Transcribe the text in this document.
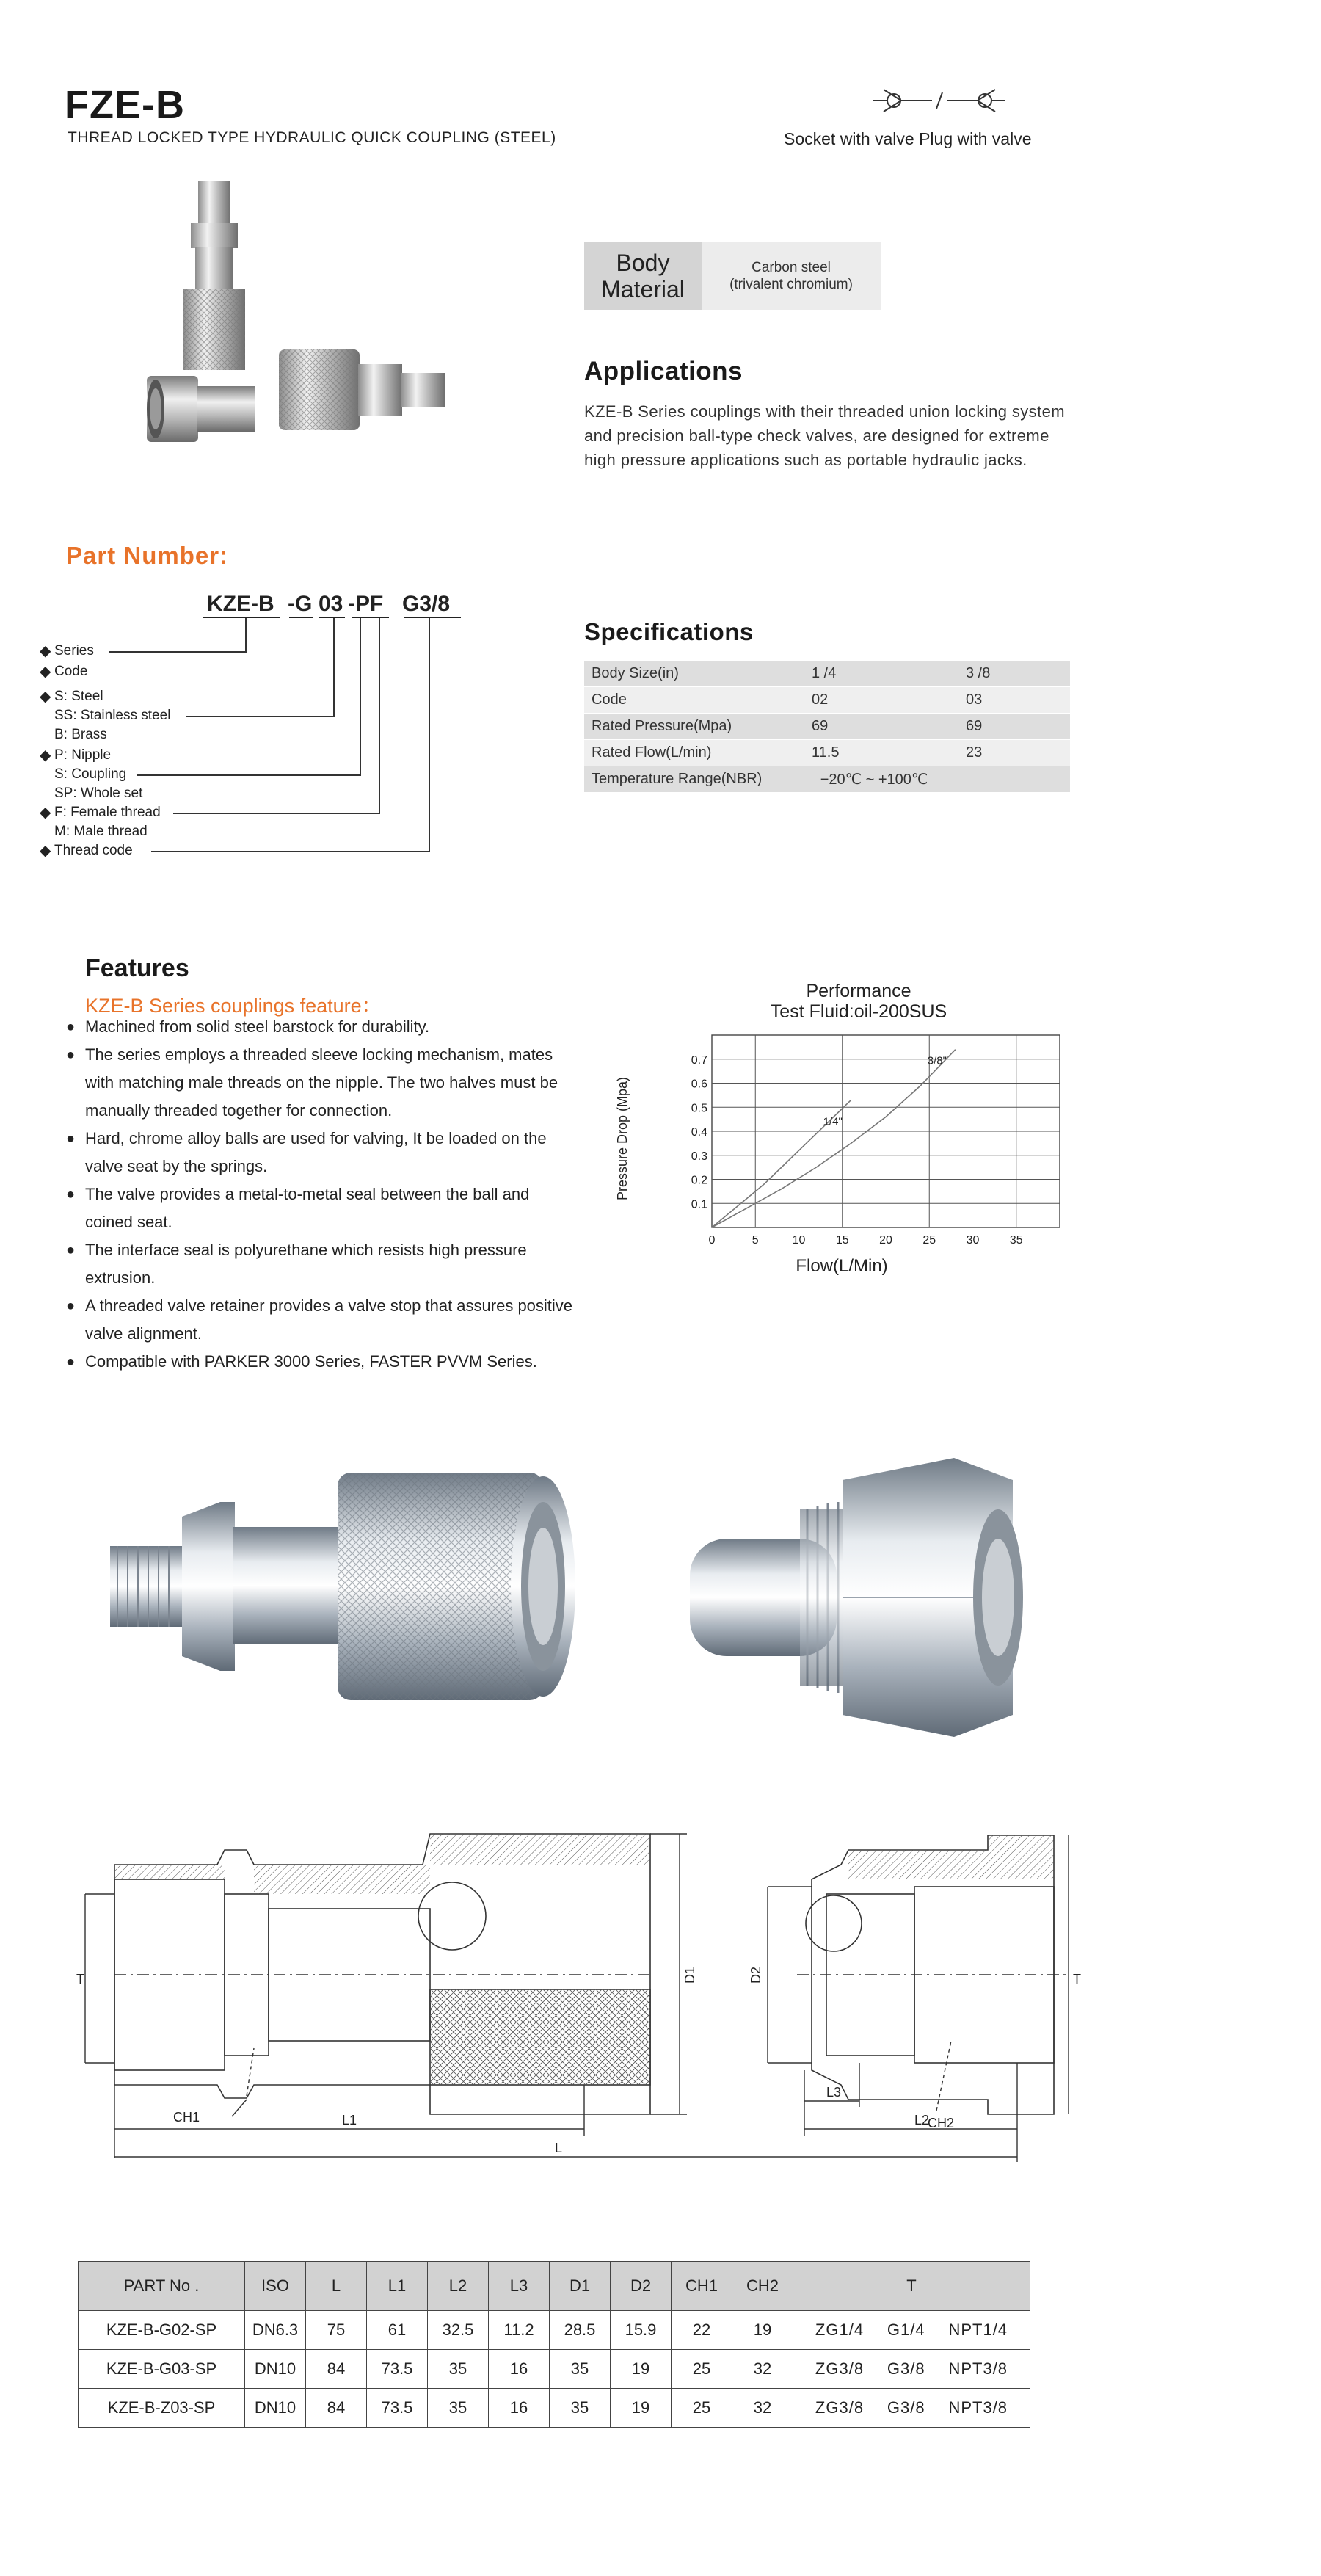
FZE-B
THREAD LOCKED TYPE HYDRAULIC QUICK COUPLING (STEEL)	Socket with valve Plug with valve
Body
Material
Carbon steel
(trivalent chromium)
Applications
KZE-B Series couplings with their threaded union locking system and precision ball-type check valves, are designed for extreme high pressure applications such as portable hydraulic jacks.
Part Number:
KZE-B -G 03 -PF G3/8
◆ Series
◆ Code
◆ S: Steel
SS: Stainless steel
B: Brass
◆ P: Nipple
S: Coupling
SP: Whole set
◆ F: Female thread
M: Male thread
◆ Thread code
Specifications
Body Size(in)	1 /4	3 /8
Code	02	03
Rated Pressure(Mpa)	69	69
Rated Flow(L/min)	11.5	23
Temperature Range(NBR)	−20℃ ~ +100℃
Features
KZE-B Series couplings feature：
● Machined from solid steel barstock for durability.
● The series employs a threaded sleeve locking mechanism, mates with matching male threads on the nipple. The two halves must be manually threaded together for connection.
● Hard, chrome alloy balls are used for valving, It be loaded on the valve seat by the springs.
● The valve provides a metal-to-metal seal between the ball and coined seat.
● The interface seal is polyurethane which resists high pressure extrusion.
● A threaded valve retainer provides a valve stop that assures positive valve alignment.
● Compatible with PARKER 3000 Series, FASTER PVVM Series.
Performance
Test Fluid:oil-200SUS
0.1
0.2
0.3
0.4
0.5
0.6
0.7
0	5	10	15	20	25	30	35
1/4"
3/8"
Flow(L/Min)
Pressure Drop (Mpa)
T	D1
CH1	L1
L
D2	T
L3
CH2
L2
PART No .	ISO	L	L1	L2	L3	D1	D2	CH1	CH2	T
KZE-B-G02-SP	DN6.3	75	61	32.5	11.2	28.5	15.9	22	19	ZG1/4 G1/4 NPT1/4

KZE-B-G03-SP	DN10	84	73.5	35	16	35	19	25	32	ZG3/8 G3/8 NPT3/8

KZE-B-Z03-SP	DN10	84	73.5	35	16	35	19	25	32	ZG3/8 G3/8 NPT3/8
